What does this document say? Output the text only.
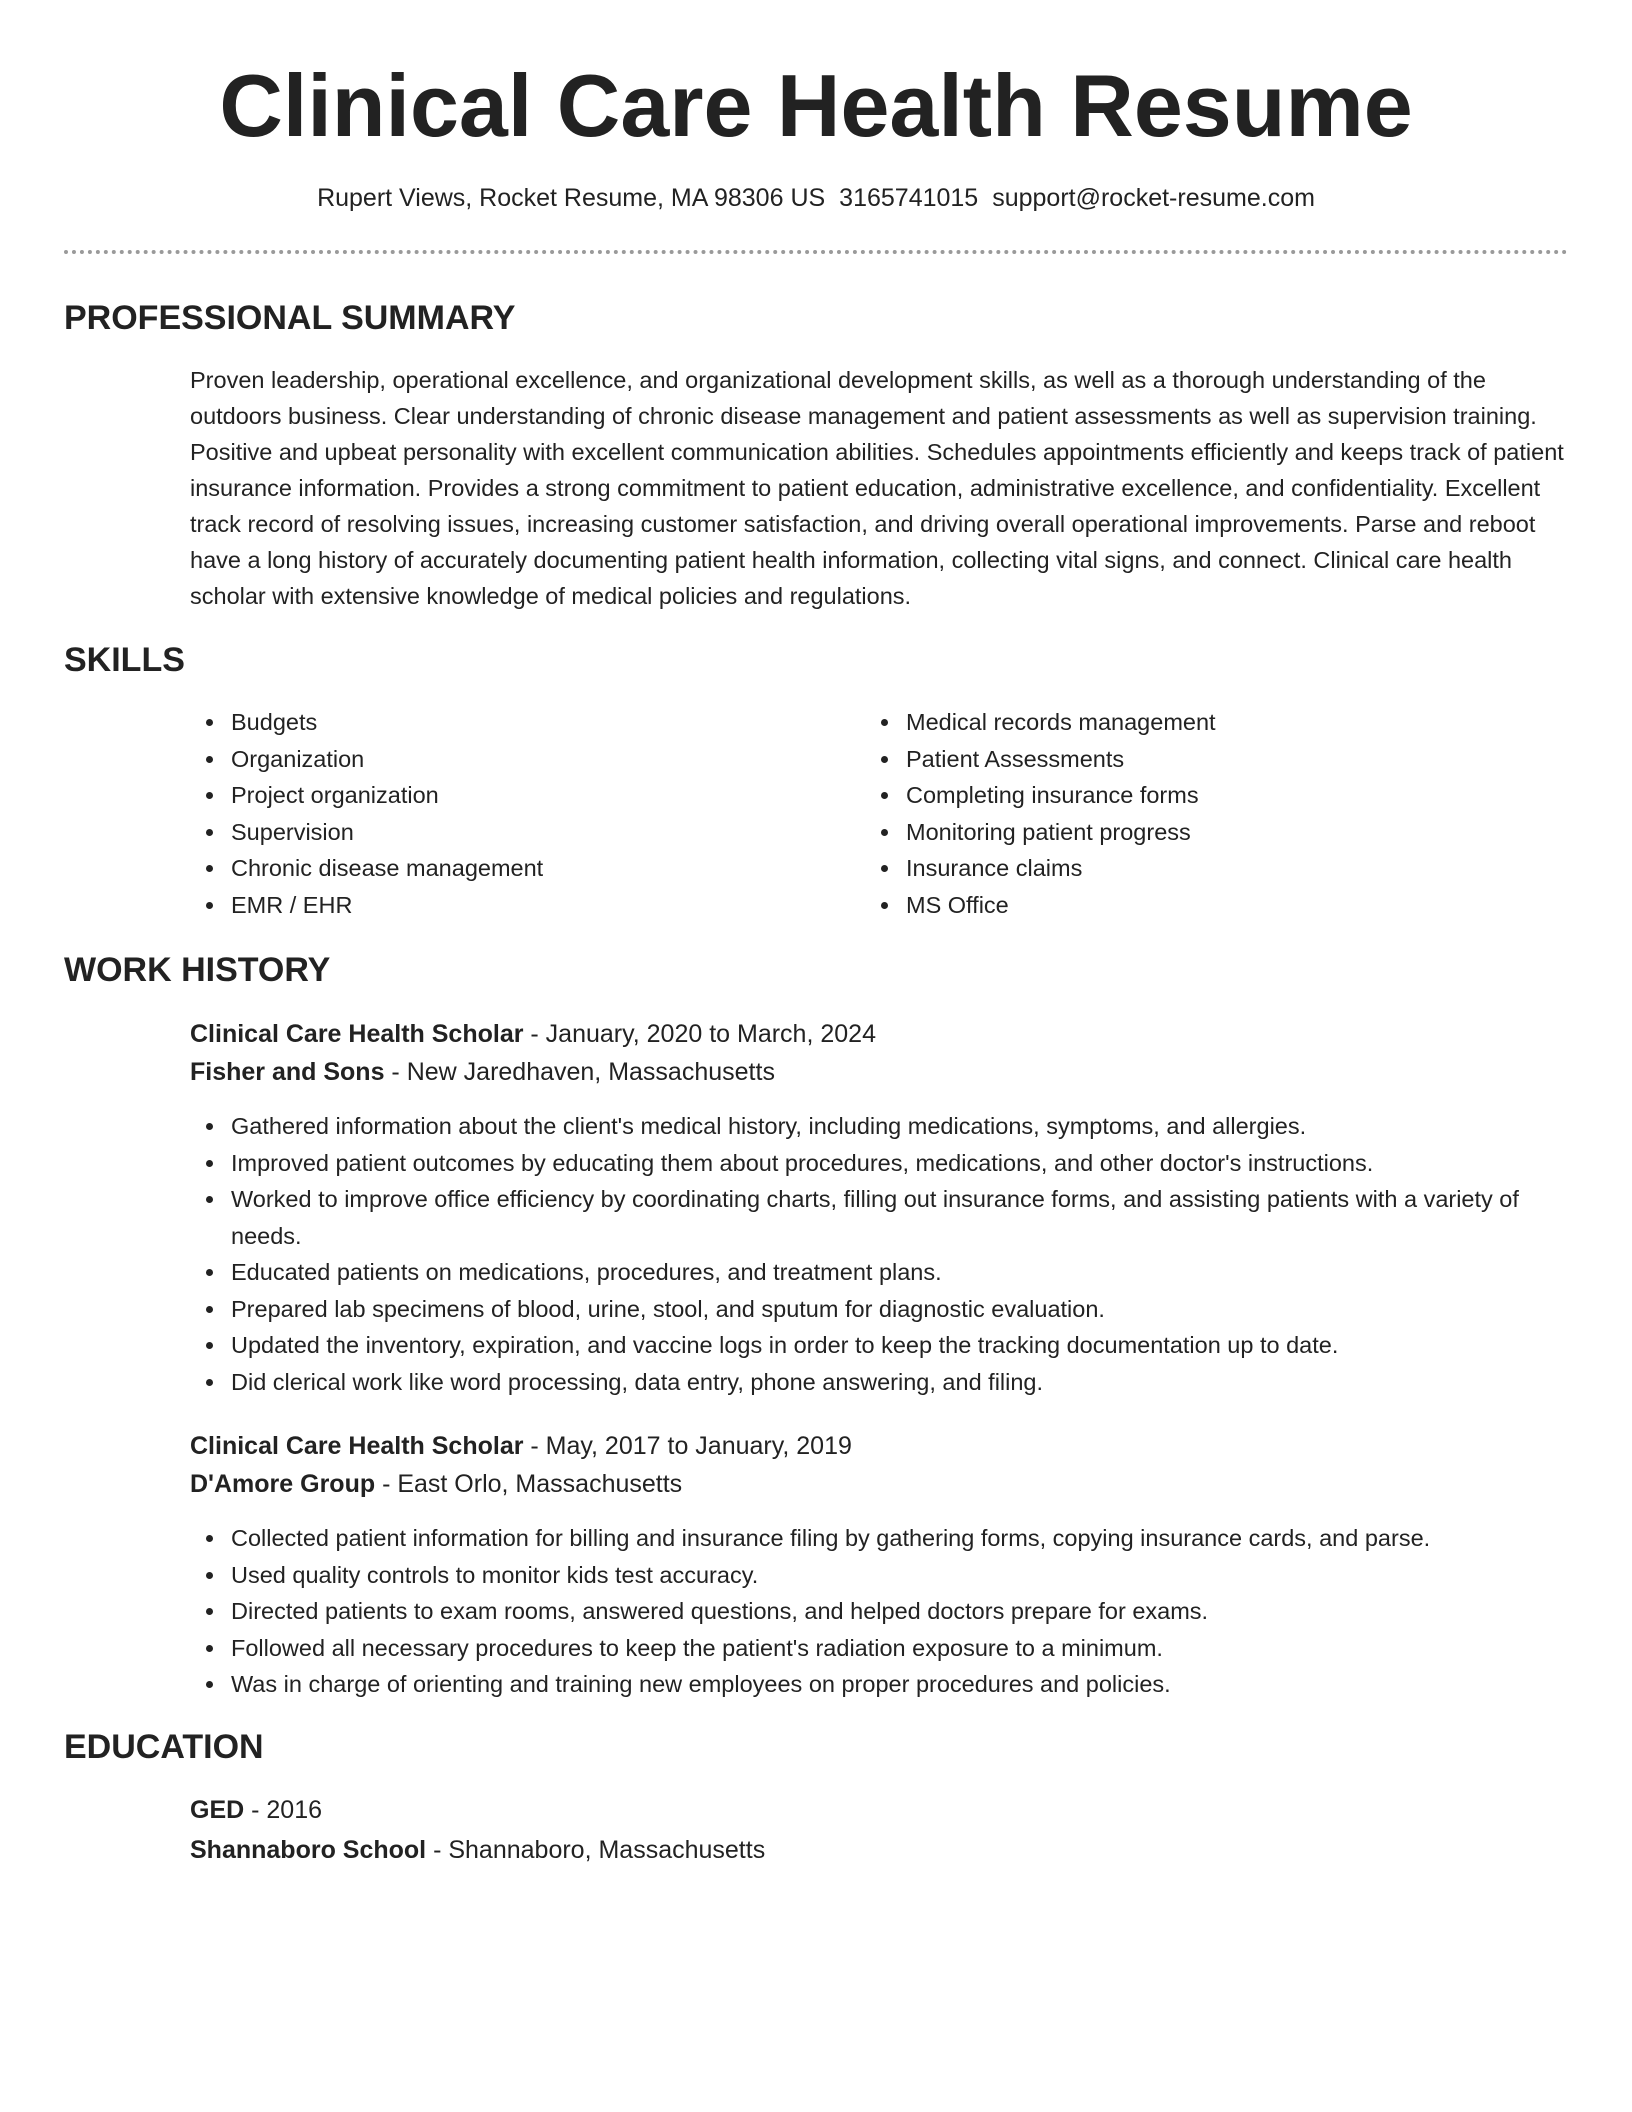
Clinical Care Health Resume
Rupert Views, Rocket Resume, MA 98306 US 3165741015 support@rocket-resume.com
PROFESSIONAL SUMMARY

Proven leadership, operational excellence, and organizational development skills, as well as a thorough understanding of the outdoors business. Clear understanding of chronic disease management and patient assessments as well as supervision training. Positive and upbeat personality with excellent communication abilities. Schedules appointments efficiently and keeps track of patient insurance information. Provides a strong commitment to patient education, administrative excellence, and confidentiality. Excellent track record of resolving issues, increasing customer satisfaction, and driving overall operational improvements. Parse and reboot have a long history of accurately documenting patient health information, collecting vital signs, and connect. Clinical care health scholar with extensive knowledge of medical policies and regulations.

SKILLS
Budgets
Organization
Project organization
Supervision
Chronic disease management
EMR / EHR
Medical records management
Patient Assessments
Completing insurance forms
Monitoring patient progress
Insurance claims
MS Office
WORK HISTORY
Clinical Care Health Scholar - January, 2020 to March, 2024
Fisher and Sons - New Jaredhaven, Massachusetts
Gathered information about the client's medical history, including medications, symptoms, and allergies.
Improved patient outcomes by educating them about procedures, medications, and other doctor's instructions.
Worked to improve office efficiency by coordinating charts, filling out insurance forms, and assisting patients with a variety of needs.
Educated patients on medications, procedures, and treatment plans.
Prepared lab specimens of blood, urine, stool, and sputum for diagnostic evaluation.
Updated the inventory, expiration, and vaccine logs in order to keep the tracking documentation up to date.
Did clerical work like word processing, data entry, phone answering, and filing.
Clinical Care Health Scholar - May, 2017 to January, 2019
D'Amore Group - East Orlo, Massachusetts
Collected patient information for billing and insurance filing by gathering forms, copying insurance cards, and parse.
Used quality controls to monitor kids test accuracy.
Directed patients to exam rooms, answered questions, and helped doctors prepare for exams.
Followed all necessary procedures to keep the patient's radiation exposure to a minimum.
Was in charge of orienting and training new employees on proper procedures and policies.
EDUCATION
GED - 2016
Shannaboro School - Shannaboro, Massachusetts
